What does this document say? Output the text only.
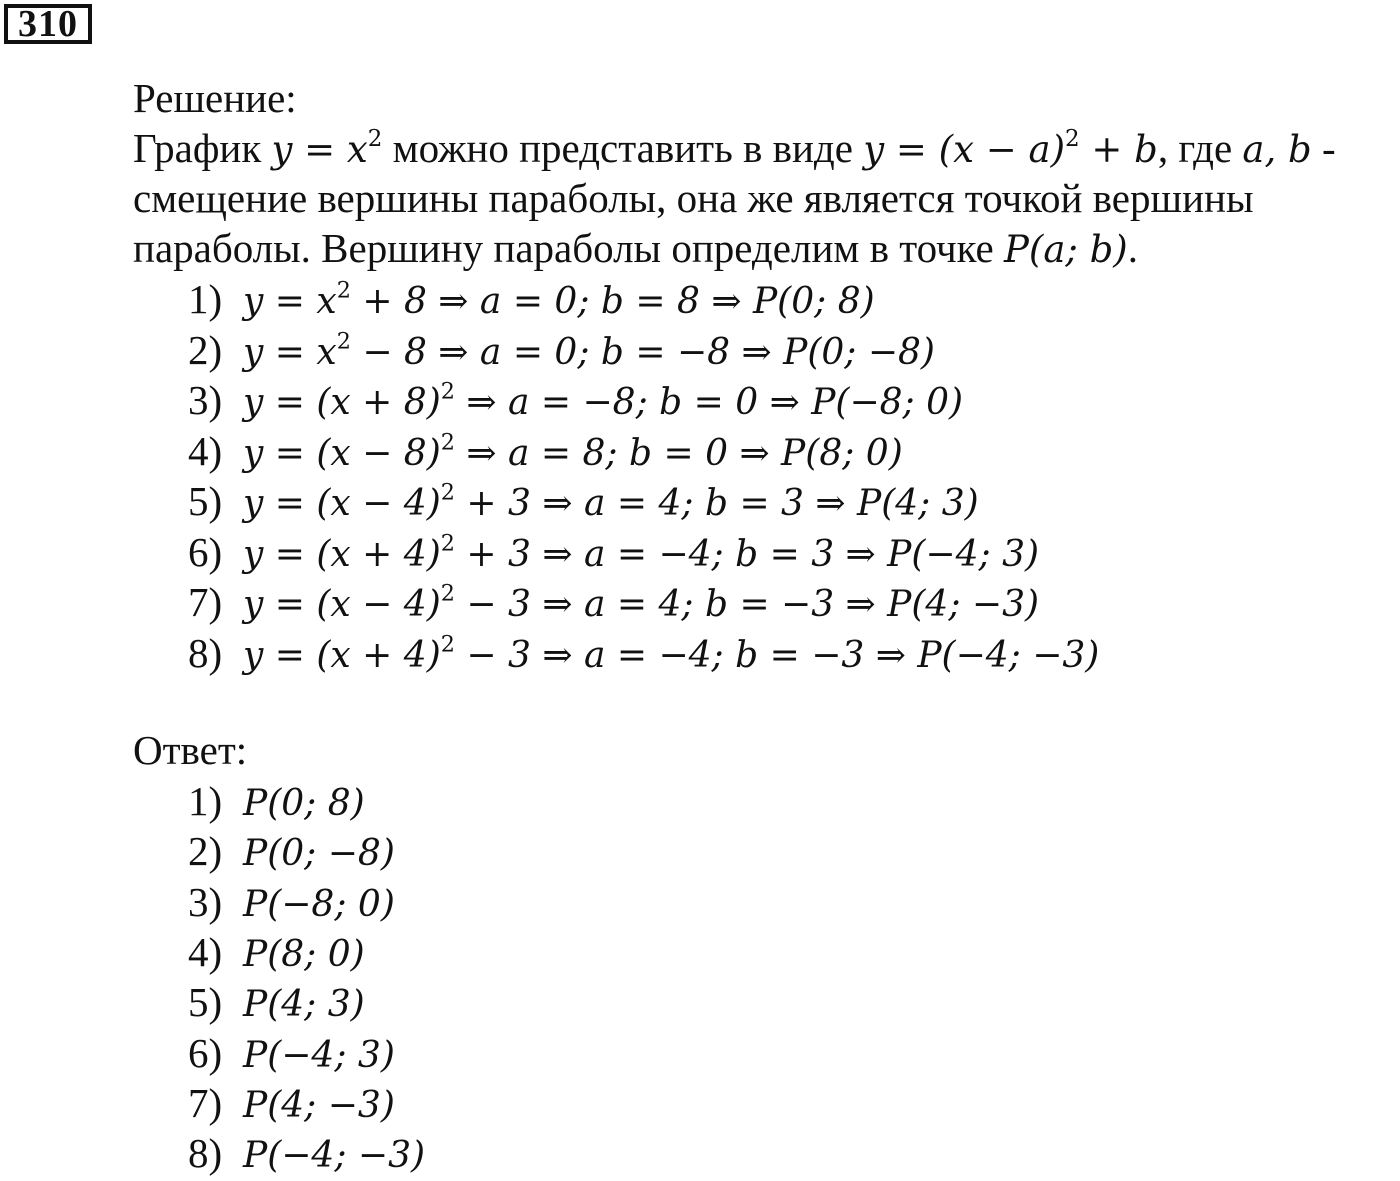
310
Решение:
График $y = x^2$ можно представить в виде $y = (x - a)^2 + b$, где a, b -
смещение вершины параболы, она же является точкой вершины
параболы. Вершину параболы определим в точке P(a; b).
1) $y = x^2 + 8$ ⇒ a = 0; b = 8 ⇒ P(0; 8)
2) $y = x^2 - 8$ ⇒ a = 0; b = −8 ⇒ P(0; −8)
3) $y = (x + 8)^2$ ⇒ a = −8; b = 0 ⇒ P(−8; 0)
4) $y = (x - 8)^2$ ⇒ a = 8; b = 0 ⇒ P(8; 0)
5) $y = (x - 4)^2 + 3$ ⇒ a = 4; b = 3 ⇒ P(4; 3)
6) $y = (x + 4)^2 + 3$ ⇒ a = −4; b = 3 ⇒ P(−4; 3)
7) $y = (x - 4)^2 - 3$ ⇒ a = 4; b = −3 ⇒ P(4; −3)
8) $y = (x + 4)^2 - 3$ ⇒ a = −4; b = −3 ⇒ P(−4; −3)
Ответ:
1) P(0; 8)
2) P(0; −8)
3) P(−8; 0)
4) P(8; 0)
5) P(4; 3)
6) P(−4; 3)
7) P(4; −3)
8) P(−4; −3)
